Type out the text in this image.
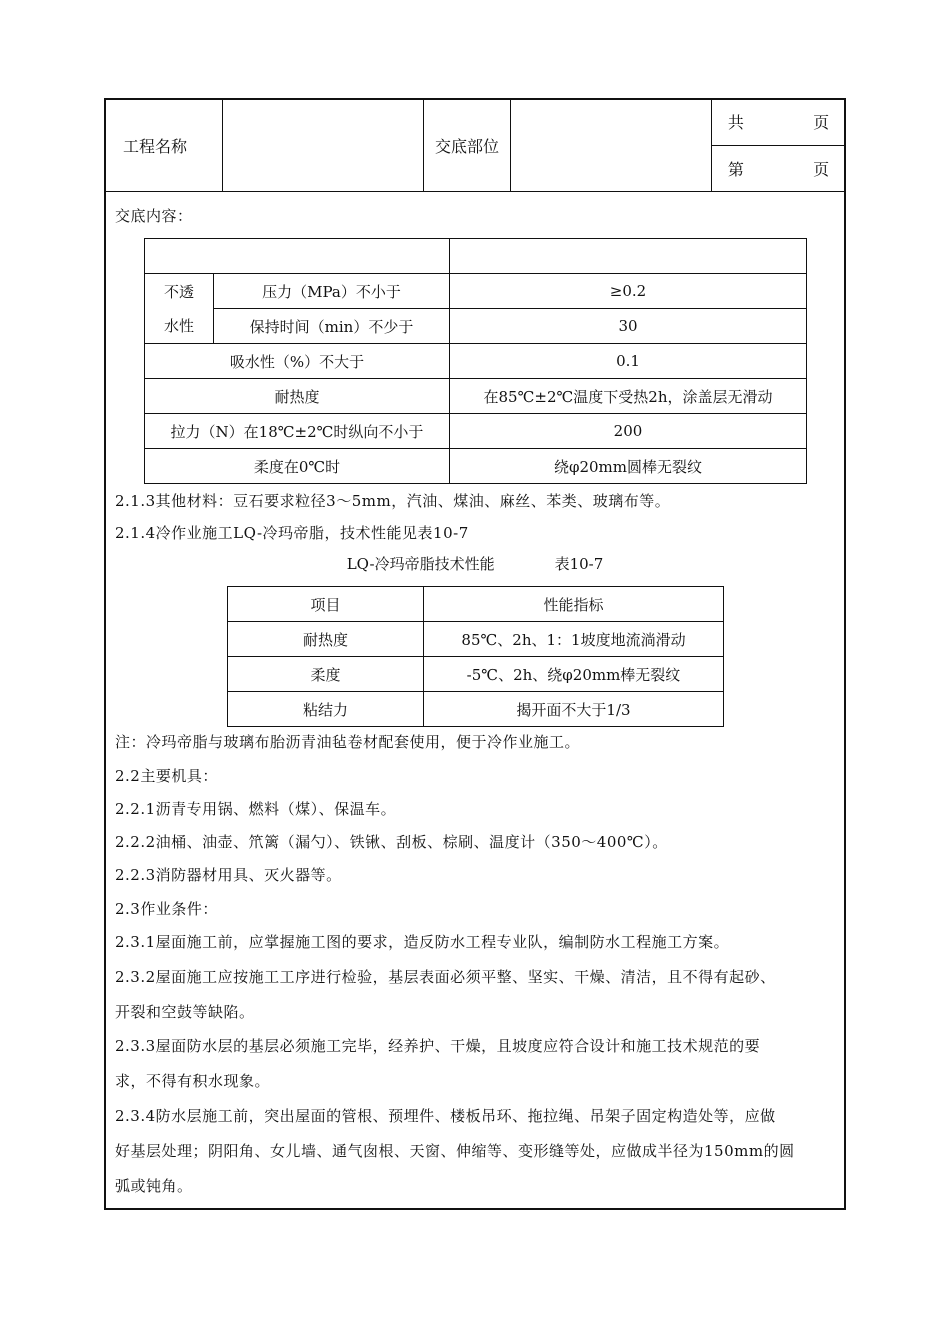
工程名称		交底部位		共	页
第	页
交底内容：

不透
水性	压力（MPa）不小于	≥0.2
	保持时间（min）不少于	30
吸水性（%）不大于		0.1
耐热度		在85℃±2℃温度下受热2h，涂盖层无滑动
拉力（N）在18℃±2℃时纵向不小于		200
柔度在0℃时		绕φ20mm圆棒无裂纹
2.1.3其他材料：豆石要求粒径3～5mm，汽油、煤油、麻丝、苯类、玻璃布等。
2.1.4冷作业施工LQ-冷玛帝脂，技术性能见表10-7
LQ-冷玛帝脂技术性能	表10-7
项目	性能指标
耐热度	85℃、2h、1：1坡度地流淌滑动
柔度	-5℃、2h、绕φ20mm棒无裂纹
粘结力	揭开面不大于1/3
注：冷玛帝脂与玻璃布胎沥青油毡卷材配套使用，便于冷作业施工。
2.2主要机具：
2.2.1沥青专用锅、燃料（煤）、保温车。
2.2.2油桶、油壶、笊篱（漏勺）、铁锹、刮板、棕刷、温度计（350～400℃）。
2.2.3消防器材用具、灭火器等。
2.3作业条件：
2.3.1屋面施工前，应掌握施工图的要求，造反防水工程专业队，编制防水工程施工方案。
2.3.2屋面施工应按施工工序进行检验，基层表面必须平整、坚实、干燥、清洁，且不得有起砂、
开裂和空鼓等缺陷。
2.3.3屋面防水层的基层必须施工完毕，经养护、干燥，且坡度应符合设计和施工技术规范的要
求，不得有积水现象。
2.3.4防水层施工前，突出屋面的管根、预埋件、楼板吊环、拖拉绳、吊架子固定构造处等，应做
好基层处理；阴阳角、女儿墙、通气囱根、天窗、伸缩等、变形缝等处，应做成半径为150mm的圆
弧或钝角。
